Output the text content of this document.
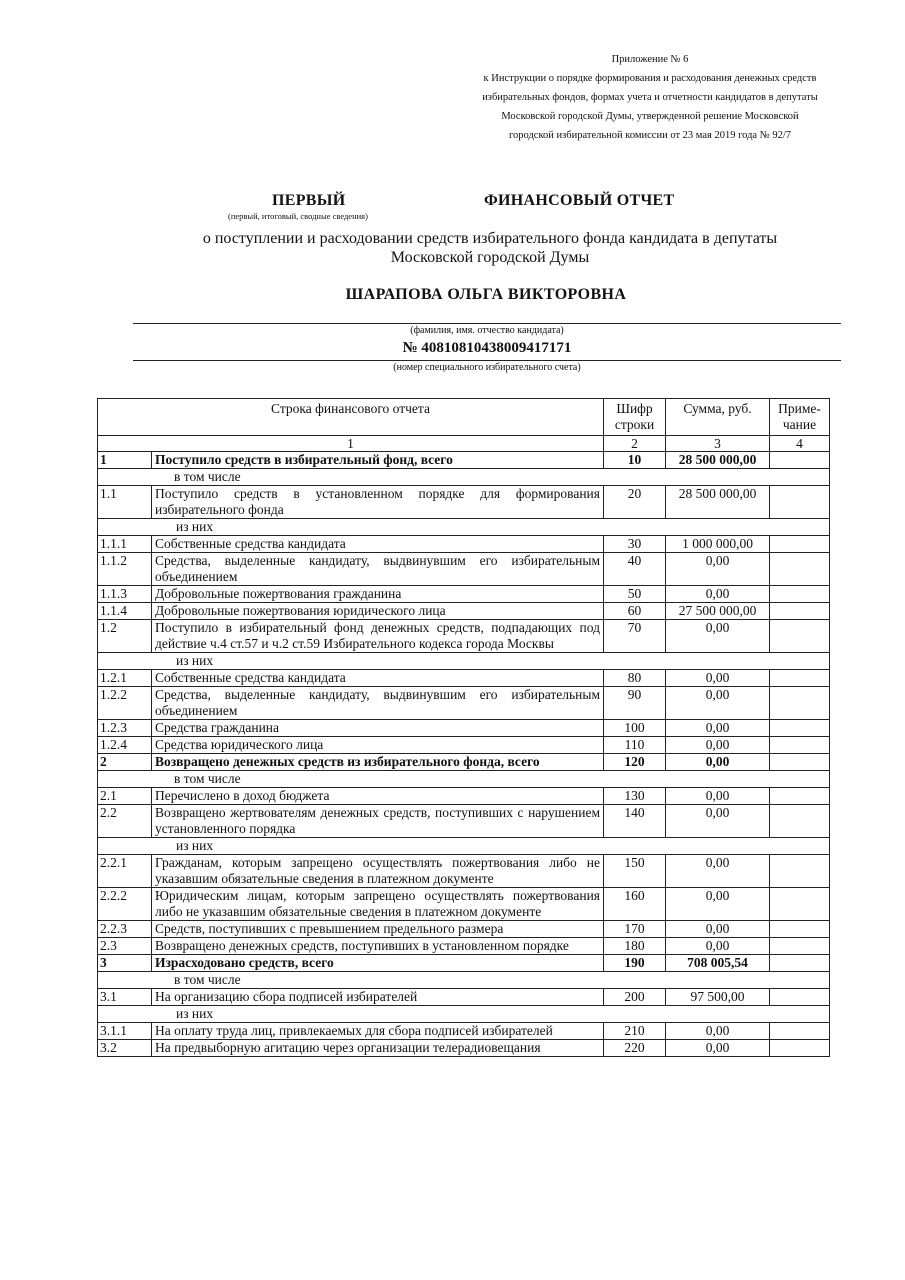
Приложение № 6
к Инструкции о порядке формирования и расходования денежных средств
избирательных фондов, формах учета и отчетности кандидатов в депутаты
Московской городской Думы, утвержденной решение Московской
городской избирательной комиссии от 23 мая 2019 года № 92/7
ПЕРВЫЙ
(первый, итоговый, сводные сведения)
ФИНАНСОВЫЙ ОТЧЕТ
о поступлении и расходовании средств избирательного фонда кандидата в депутаты
Московской городской Думы
ШАРАПОВА ОЛЬГА ВИКТОРОВНА
(фамилия, имя. отчество кандидата)
№ 40810810438009417171
(номер специального избирательного счета)
Строка финансового отчета		Шифр строки	Сумма, руб.	Приме-чание
1		2	3	4
1	Поступило средств в избирательный фонд, всего	10	28 500 000,00	
в том числе				
1.1	Поступило средств в установленном порядке для формирования избирательного фонда	20	28 500 000,00	
из них				
1.1.1	Собственные средства кандидата	30	1 000 000,00	
1.1.2	Средства, выделенные кандидату, выдвинувшим его избирательным объединением	40	0,00	
1.1.3	Добровольные пожертвования гражданина	50	0,00	
1.1.4	Добровольные пожертвования юридического лица	60	27 500 000,00	
1.2	Поступило в избирательный фонд денежных средств, подпадающих под действие ч.4 ст.57 и ч.2 ст.59 Избирательного кодекса города Москвы	70	0,00	
из них				
1.2.1	Собственные средства кандидата	80	0,00	
1.2.2	Средства, выделенные кандидату, выдвинувшим его избирательным объединением	90	0,00	
1.2.3	Средства гражданина	100	0,00	
1.2.4	Средства юридического лица	110	0,00	
2	Возвращено денежных средств из избирательного фонда, всего	120	0,00	
в том числе				
2.1	Перечислено в доход бюджета	130	0,00	
2.2	Возвращено жертвователям денежных средств, поступивших с нарушением установленного порядка	140	0,00	
из них				
2.2.1	Гражданам, которым запрещено осуществлять пожертвования либо не указавшим обязательные сведения в платежном документе	150	0,00	
2.2.2	Юридическим лицам, которым запрещено осуществлять пожертвования либо не указавшим обязательные сведения в платежном документе	160	0,00	
2.2.3	Средств, поступивших с превышением предельного размера	170	0,00	
2.3	Возвращено денежных средств, поступивших в установленном порядке	180	0,00	
3	Израсходовано средств, всего	190	708 005,54	
в том числе				
3.1	На организацию сбора подписей избирателей	200	97 500,00	
из них				
3.1.1	На оплату труда лиц, привлекаемых для сбора подписей избирателей	210	0,00	
3.2	На предвыборную агитацию через организации телерадиовещания	220	0,00	
